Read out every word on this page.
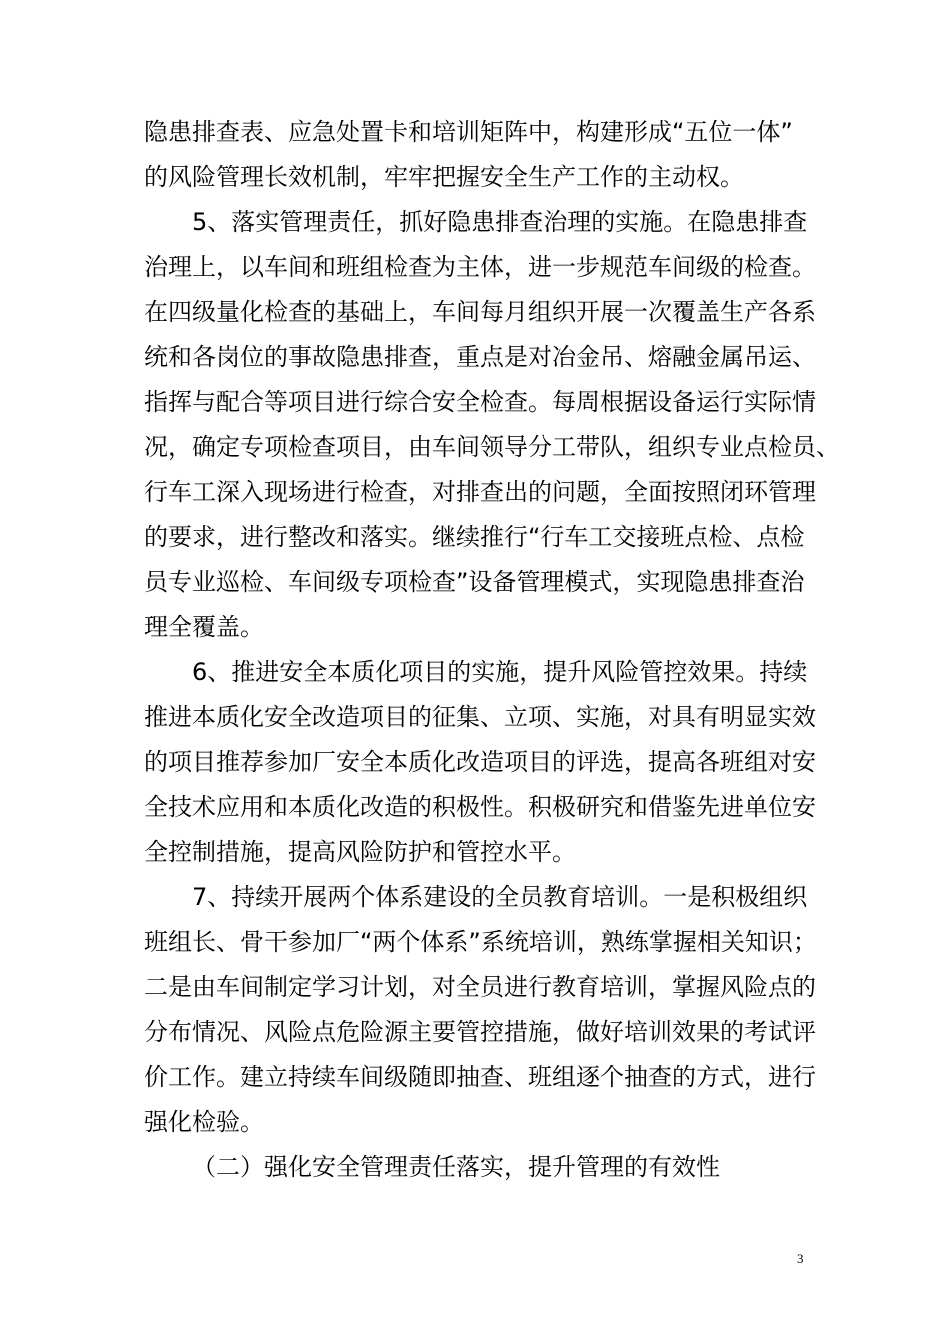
隐患排查表、应急处置卡和培训矩阵中，构建形成“五位一体”
的风险管理长效机制，牢牢把握安全生产工作的主动权。
5、落实管理责任，抓好隐患排查治理的实施。在隐患排查
治理上，以车间和班组检查为主体，进一步规范车间级的检查。
在四级量化检查的基础上，车间每月组织开展一次覆盖生产各系
统和各岗位的事故隐患排查，重点是对冶金吊、熔融金属吊运、
指挥与配合等项目进行综合安全检查。每周根据设备运行实际情
况，确定专项检查项目，由车间领导分工带队，组织专业点检员、
行车工深入现场进行检查，对排查出的问题，全面按照闭环管理
的要求，进行整改和落实。继续推行“行车工交接班点检、点检
员专业巡检、车间级专项检查”设备管理模式，实现隐患排查治
理全覆盖。
6、推进安全本质化项目的实施，提升风险管控效果。持续
推进本质化安全改造项目的征集、立项、实施，对具有明显实效
的项目推荐参加厂安全本质化改造项目的评选，提高各班组对安
全技术应用和本质化改造的积极性。积极研究和借鉴先进单位安
全控制措施，提高风险防护和管控水平。
7、持续开展两个体系建设的全员教育培训。一是积极组织
班组长、骨干参加厂“两个体系”系统培训，熟练掌握相关知识；
二是由车间制定学习计划，对全员进行教育培训，掌握风险点的
分布情况、风险点危险源主要管控措施，做好培训效果的考试评
价工作。建立持续车间级随即抽查、班组逐个抽查的方式，进行
强化检验。
（二）强化安全管理责任落实，提升管理的有效性
3
